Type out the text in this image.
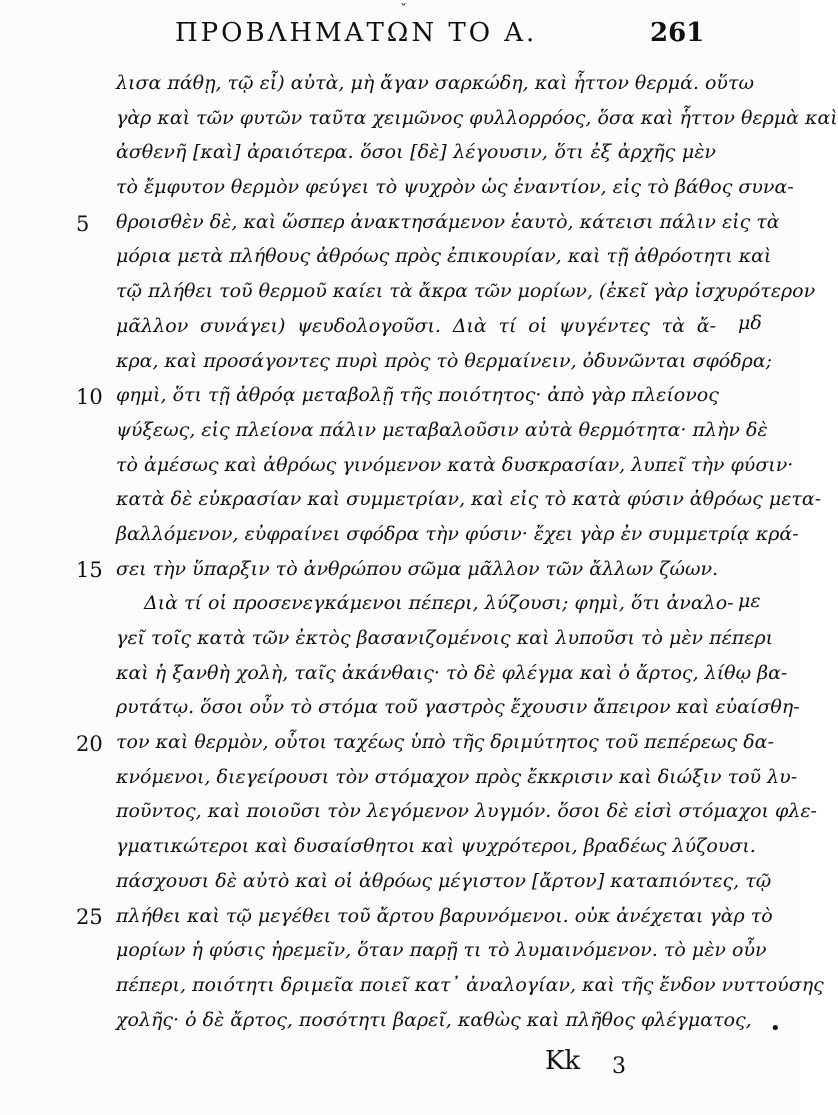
ˇ
ΠΡΟΒΛΗΜΑΤΩΝ ΤΟ Α.	261
λισα πάθῃ, τῷ εἶ) αὐτὰ, μὴ ἄγαν σαρκώδη, καὶ ἧττον θερμά. οὕτω
γὰρ καὶ τῶν φυτῶν ταῦτα χειμῶνος φυλλορρόος, ὅσα καὶ ἧττον θερμὰ καὶ
ἀσθενῆ [καὶ] ἀραιότερα. ὅσοι [δὲ] λέγουσιν, ὅτι ἐξ ἀρχῆς μὲν
τὸ ἔμφυτον θερμὸν φεύγει τὸ ψυχρὸν ὡς ἐναντίον, εἰς τὸ βάθος συνα-
θροισθὲν δὲ, καὶ ὥσπερ ἀνακτησάμενον ἑαυτὸ, κάτεισι πάλιν εἰς τὰ
μόρια μετὰ πλήθους ἀθρόως πρὸς ἐπικουρίαν, καὶ τῇ ἀθρόοτητι καὶ
τῷ πλήθει τοῦ θερμοῦ καίει τὰ ἄκρα τῶν μορίων, (ἐκεῖ γὰρ ἰσχυρότερον
μᾶλλον συνάγει) ψευδολογοῦσι. Διὰ τί οἱ ψυγέντες τὰ ἄ-
κρα, καὶ προσάγοντες πυρὶ πρὸς τὸ θερμαίνειν, ὀδυνῶνται σφόδρα;
φημὶ, ὅτι τῇ ἀθρόᾳ μεταβολῇ τῆς ποιότητος· ἀπὸ γὰρ πλείονος
ψύξεως, εἰς πλείονα πάλιν μεταβαλοῦσιν αὐτὰ θερμότητα· πλὴν δὲ
τὸ ἀμέσως καὶ ἀθρόως γινόμενον κατὰ δυσκρασίαν, λυπεῖ τὴν φύσιν·
κατὰ δὲ εὐκρασίαν καὶ συμμετρίαν, καὶ εἰς τὸ κατὰ φύσιν ἀθρόως μετα-
βαλλόμενον, εὐφραίνει σφόδρα τὴν φύσιν· ἔχει γὰρ ἐν συμμετρίᾳ κρά-
σει τὴν ὕπαρξιν τὸ ἀνθρώπου σῶμα μᾶλλον τῶν ἄλλων ζώων.
Διὰ τί οἱ προσενεγκάμενοι πέπερι, λύζουσι; φημὶ, ὅτι ἀναλο-
γεῖ τοῖς κατὰ τῶν ἐκτὸς βασανιζομένοις καὶ λυποῦσι τὸ μὲν πέπερι
καὶ ἡ ξανθὴ χολὴ, ταῖς ἀκάνθαις· τὸ δὲ φλέγμα καὶ ὁ ἄρτος, λίθῳ βα-
ρυτάτῳ. ὅσοι οὖν τὸ στόμα τοῦ γαστρὸς ἔχουσιν ἄπειρον καὶ εὐαίσθη-
τον καὶ θερμὸν, οὗτοι ταχέως ὑπὸ τῆς δριμύτητος τοῦ πεπέρεως δα-
κνόμενοι, διεγείρουσι τὸν στόμαχον πρὸς ἔκκρισιν καὶ διώξιν τοῦ λυ-
ποῦντος, καὶ ποιοῦσι τὸν λεγόμενον λυγμόν. ὅσοι δὲ εἰσὶ στόμαχοι φλε-
γματικώτεροι καὶ δυσαίσθητοι καὶ ψυχρότεροι, βραδέως λύζουσι.
πάσχουσι δὲ αὐτὸ καὶ οἱ ἀθρόως μέγιστον [ἄρτον] καταπιόντες, τῷ
πλήθει καὶ τῷ μεγέθει τοῦ ἄρτου βαρυνόμενοι. οὐκ ἀνέχεται γὰρ τὸ
μορίων ἡ φύσις ἠρεμεῖν, ὅταν παρῇ τι τὸ λυμαινόμενον. τὸ μὲν οὖν
πέπερι, ποιότητι δριμεῖα ποιεῖ κατ᾽ ἀναλογίαν, καὶ τῆς ἔνδον νυττούσης
χολῆς· ὁ δὲ ἄρτος, ποσότητι βαρεῖ, καθὼς καὶ πλῆθος φλέγματος,
5
10
15
20
25
μδ
με
•
Kk 3
